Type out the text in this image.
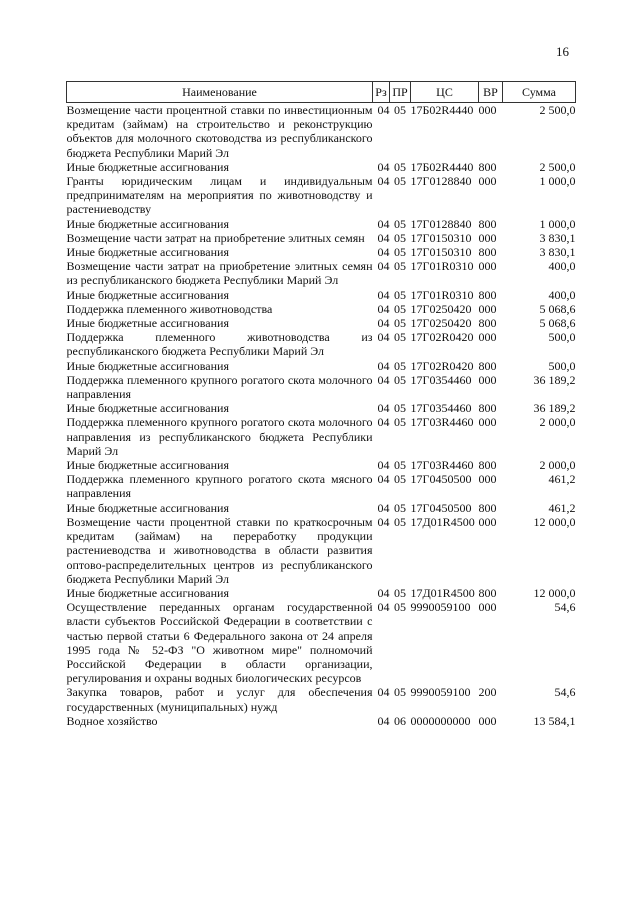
16
Наименование	Рз	ПР	ЦС	ВР	Сумма
Возмещение части процентной ставки по инвестиционным кредитам (займам) на строительство и реконструкцию объектов для молочного скотоводства из республиканского бюджета Республики Марий Эл	04	05	17Б02R4440	000	2 500,0
Иные бюджетные ассигнования	04	05	17Б02R4440	800	2 500,0
Гранты юридическим лицам и индивидуальным предпринимателям на мероприятия по животноводству и растениеводству	04	05	17Г0128840	000	1 000,0
Иные бюджетные ассигнования	04	05	17Г0128840	800	1 000,0
Возмещение части затрат на приобретение элитных семян	04	05	17Г0150310	000	3 830,1
Иные бюджетные ассигнования	04	05	17Г0150310	800	3 830,1
Возмещение части затрат на приобретение элитных семян из республиканского бюджета Республики Марий Эл	04	05	17Г01R0310	000	400,0
Иные бюджетные ассигнования	04	05	17Г01R0310	800	400,0
Поддержка племенного животноводства	04	05	17Г0250420	000	5 068,6
Иные бюджетные ассигнования	04	05	17Г0250420	800	5 068,6
Поддержка племенного животноводства из республиканского бюджета Республики Марий Эл	04	05	17Г02R0420	000	500,0
Иные бюджетные ассигнования	04	05	17Г02R0420	800	500,0
Поддержка племенного крупного рогатого скота молочного направления	04	05	17Г0354460	000	36 189,2
Иные бюджетные ассигнования	04	05	17Г0354460	800	36 189,2
Поддержка племенного крупного рогатого скота молочного направления из республиканского бюджета Республики Марий Эл	04	05	17Г03R4460	000	2 000,0
Иные бюджетные ассигнования	04	05	17Г03R4460	800	2 000,0
Поддержка племенного крупного рогатого скота мясного направления	04	05	17Г0450500	000	461,2
Иные бюджетные ассигнования	04	05	17Г0450500	800	461,2
Возмещение части процентной ставки по краткосрочным кредитам (займам) на переработку продукции растениеводства и животноводства в области развития оптово-распределительных центров из республиканского бюджета Республики Марий Эл	04	05	17Д01R4500	000	12 000,0
Иные бюджетные ассигнования	04	05	17Д01R4500	800	12 000,0
Осуществление переданных органам государственной власти субъектов Российской Федерации в соответствии с частью первой статьи 6 Федерального закона от 24 апреля 1995 года № 52-ФЗ "О животном мире" полномочий Российской Федерации в области организации, регулирования и охраны водных биологических ресурсов	04	05	9990059100	000	54,6
Закупка товаров, работ и услуг для обеспечения государственных (муниципальных) нужд	04	05	9990059100	200	54,6
Водное хозяйство	04	06	0000000000	000	13 584,1
